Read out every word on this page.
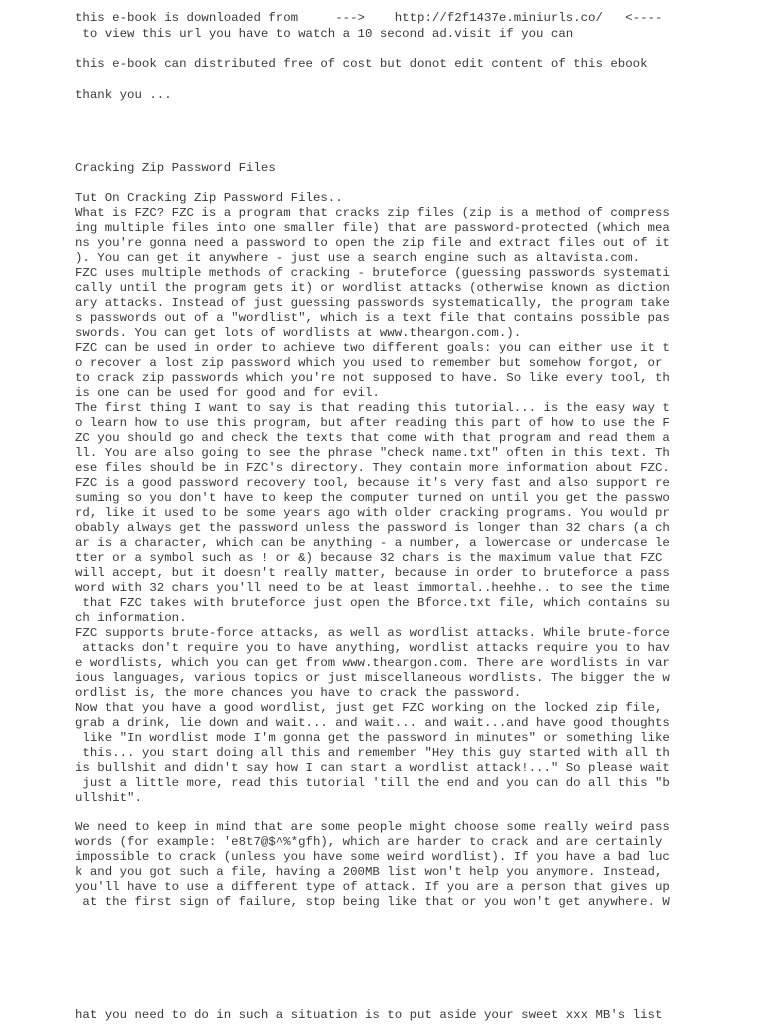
this e-book is downloaded from     --->    http://f2f1437e.miniurls.co/   <----

to view this url you have to watch a 10 second ad.visit if you can

this e-book can distributed free of cost but donot edit content of this ebook

thank you ...

Cracking Zip Password Files

Tut On Cracking Zip Password Files..

What is FZC? FZC is a program that cracks zip files (zip is a method of compress

ing multiple files into one smaller file) that are password-protected (which mea

ns you're gonna need a password to open the zip file and extract files out of it

). You can get it anywhere - just use a search engine such as altavista.com.

FZC uses multiple methods of cracking - bruteforce (guessing passwords systemati

cally until the program gets it) or wordlist attacks (otherwise known as diction

ary attacks. Instead of just guessing passwords systematically, the program take

s passwords out of a "wordlist", which is a text file that contains possible pas

swords. You can get lots of wordlists at www.theargon.com.).

FZC can be used in order to achieve two different goals: you can either use it t

o recover a lost zip password which you used to remember but somehow forgot, or

to crack zip passwords which you're not supposed to have. So like every tool, th

is one can be used for good and for evil.

The first thing I want to say is that reading this tutorial... is the easy way t

o learn how to use this program, but after reading this part of how to use the F

ZC you should go and check the texts that come with that program and read them a

ll. You are also going to see the phrase "check name.txt" often in this text. Th

ese files should be in FZC's directory. They contain more information about FZC.

FZC is a good password recovery tool, because it's very fast and also support re

suming so you don't have to keep the computer turned on until you get the passwo

rd, like it used to be some years ago with older cracking programs. You would pr

obably always get the password unless the password is longer than 32 chars (a ch

ar is a character, which can be anything - a number, a lowercase or undercase le

tter or a symbol such as ! or &) because 32 chars is the maximum value that FZC

will accept, but it doesn't really matter, because in order to bruteforce a pass

word with 32 chars you'll need to be at least immortal..heehhe.. to see the time

that FZC takes with bruteforce just open the Bforce.txt file, which contains su

ch information.

FZC supports brute-force attacks, as well as wordlist attacks. While brute-force

attacks don't require you to have anything, wordlist attacks require you to hav

e wordlists, which you can get from www.theargon.com. There are wordlists in var

ious languages, various topics or just miscellaneous wordlists. The bigger the w

ordlist is, the more chances you have to crack the password.

Now that you have a good wordlist, just get FZC working on the locked zip file,

grab a drink, lie down and wait... and wait... and wait...and have good thoughts

like "In wordlist mode I'm gonna get the password in minutes" or something like

this... you start doing all this and remember "Hey this guy started with all th

is bullshit and didn't say how I can start a wordlist attack!..." So please wait

just a little more, read this tutorial 'till the end and you can do all this "b

ullshit".

We need to keep in mind that are some people might choose some really weird pass

words (for example: 'e8t7@$^%*gfh), which are harder to crack and are certainly

impossible to crack (unless you have some weird wordlist). If you have a bad luc

k and you got such a file, having a 200MB list won't help you anymore. Instead,

you'll have to use a different type of attack. If you are a person that gives up

at the first sign of failure, stop being like that or you won't get anywhere. W

hat you need to do in such a situation is to put aside your sweet xxx MB's list
